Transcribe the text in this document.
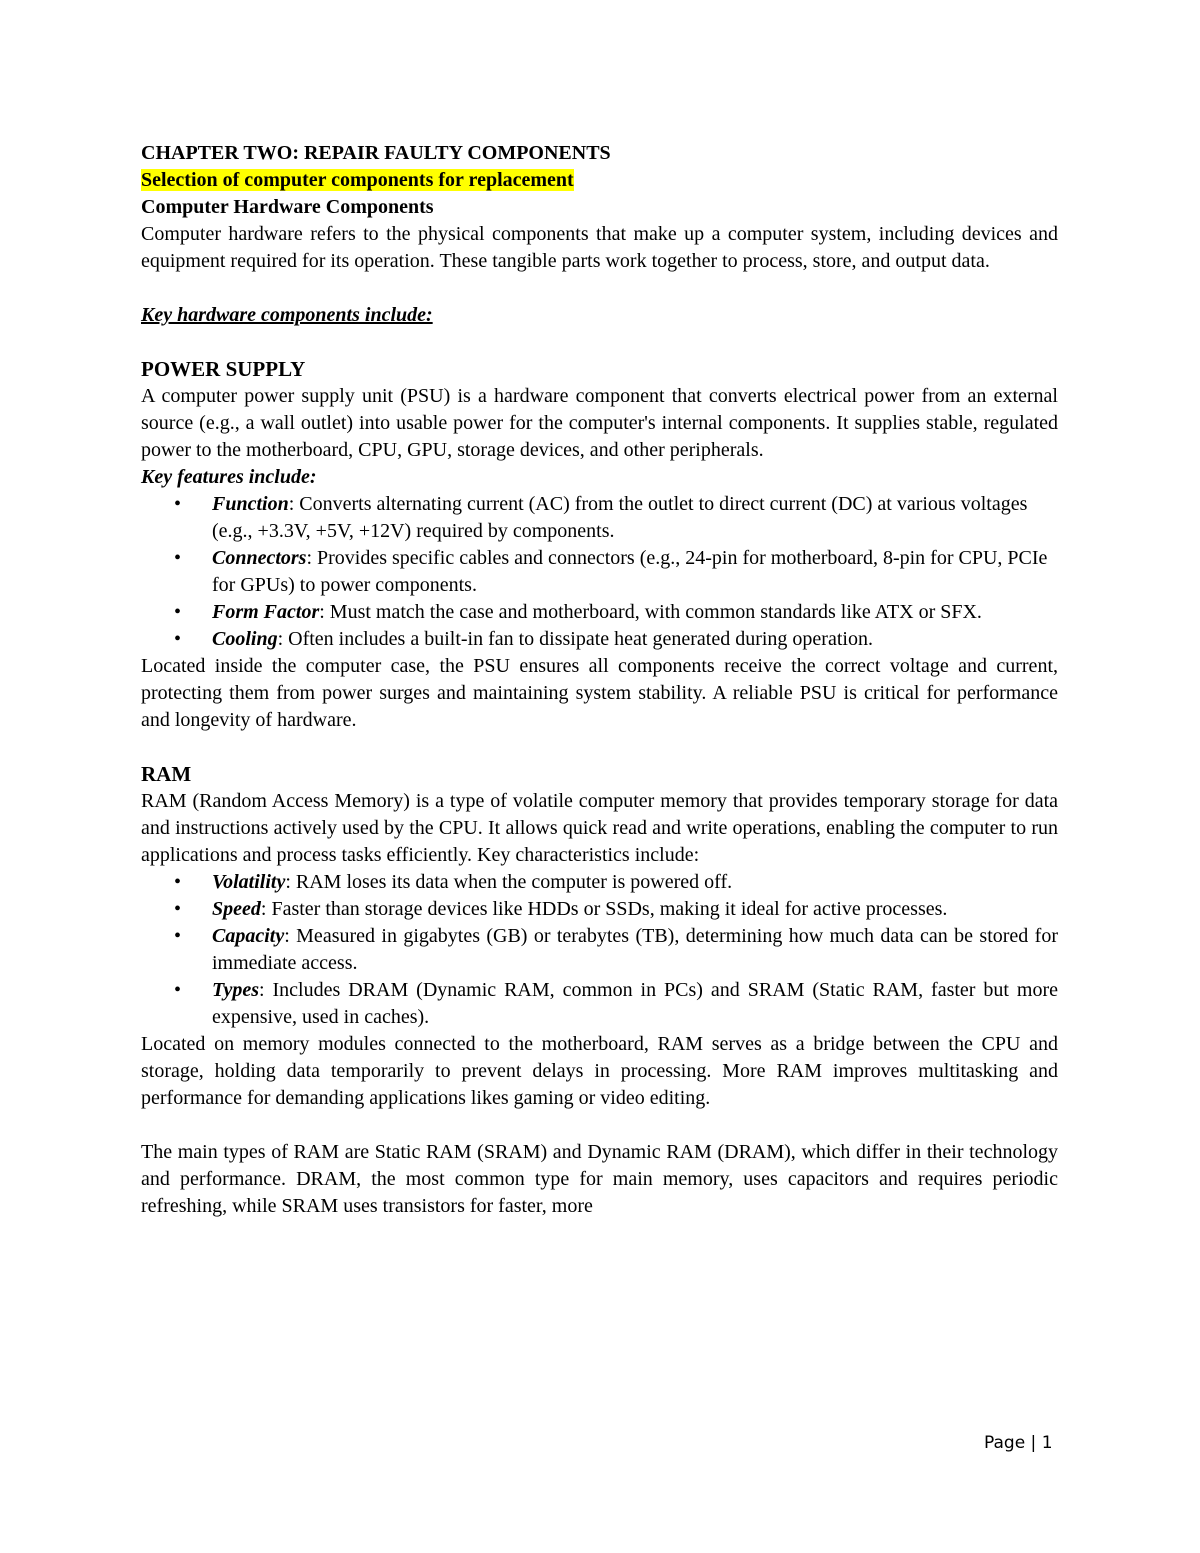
CHAPTER TWO: REPAIR FAULTY COMPONENTS

Selection of computer components for replacement

Computer Hardware Components

Computer hardware refers to the physical components that make up a computer system, including devices and equipment required for its operation. These tangible parts work together to process, store, and output data.

Key hardware components include:

POWER SUPPLY

A computer power supply unit (PSU) is a hardware component that converts electrical power from an external source (e.g., a wall outlet) into usable power for the computer's internal components. It supplies stable, regulated power to the motherboard, CPU, GPU, storage devices, and other peripherals.

Key features include:

• Function: Converts alternating current (AC) from the outlet to direct current (DC) at various voltages (e.g., +3.3V, +5V, +12V) required by components.
• Connectors: Provides specific cables and connectors (e.g., 24-pin for motherboard, 8-pin for CPU, PCIe for GPUs) to power components.
• Form Factor: Must match the case and motherboard, with common standards like ATX or SFX.
• Cooling: Often includes a built-in fan to dissipate heat generated during operation.

Located inside the computer case, the PSU ensures all components receive the correct voltage and current, protecting them from power surges and maintaining system stability. A reliable PSU is critical for performance and longevity of hardware.

RAM

RAM (Random Access Memory) is a type of volatile computer memory that provides temporary storage for data and instructions actively used by the CPU. It allows quick read and write operations, enabling the computer to run applications and process tasks efficiently. Key characteristics include:

• Volatility: RAM loses its data when the computer is powered off.
• Speed: Faster than storage devices like HDDs or SSDs, making it ideal for active processes.
• Capacity: Measured in gigabytes (GB) or terabytes (TB), determining how much data can be stored for immediate access.
• Types: Includes DRAM (Dynamic RAM, common in PCs) and SRAM (Static RAM, faster but more expensive, used in caches).

Located on memory modules connected to the motherboard, RAM serves as a bridge between the CPU and storage, holding data temporarily to prevent delays in processing. More RAM improves multitasking and performance for demanding applications likes gaming or video editing.

The main types of RAM are Static RAM (SRAM) and Dynamic RAM (DRAM), which differ in their technology and performance. DRAM, the most common type for main memory, uses capacitors and requires periodic refreshing, while SRAM uses transistors for faster, more

Page | 1
